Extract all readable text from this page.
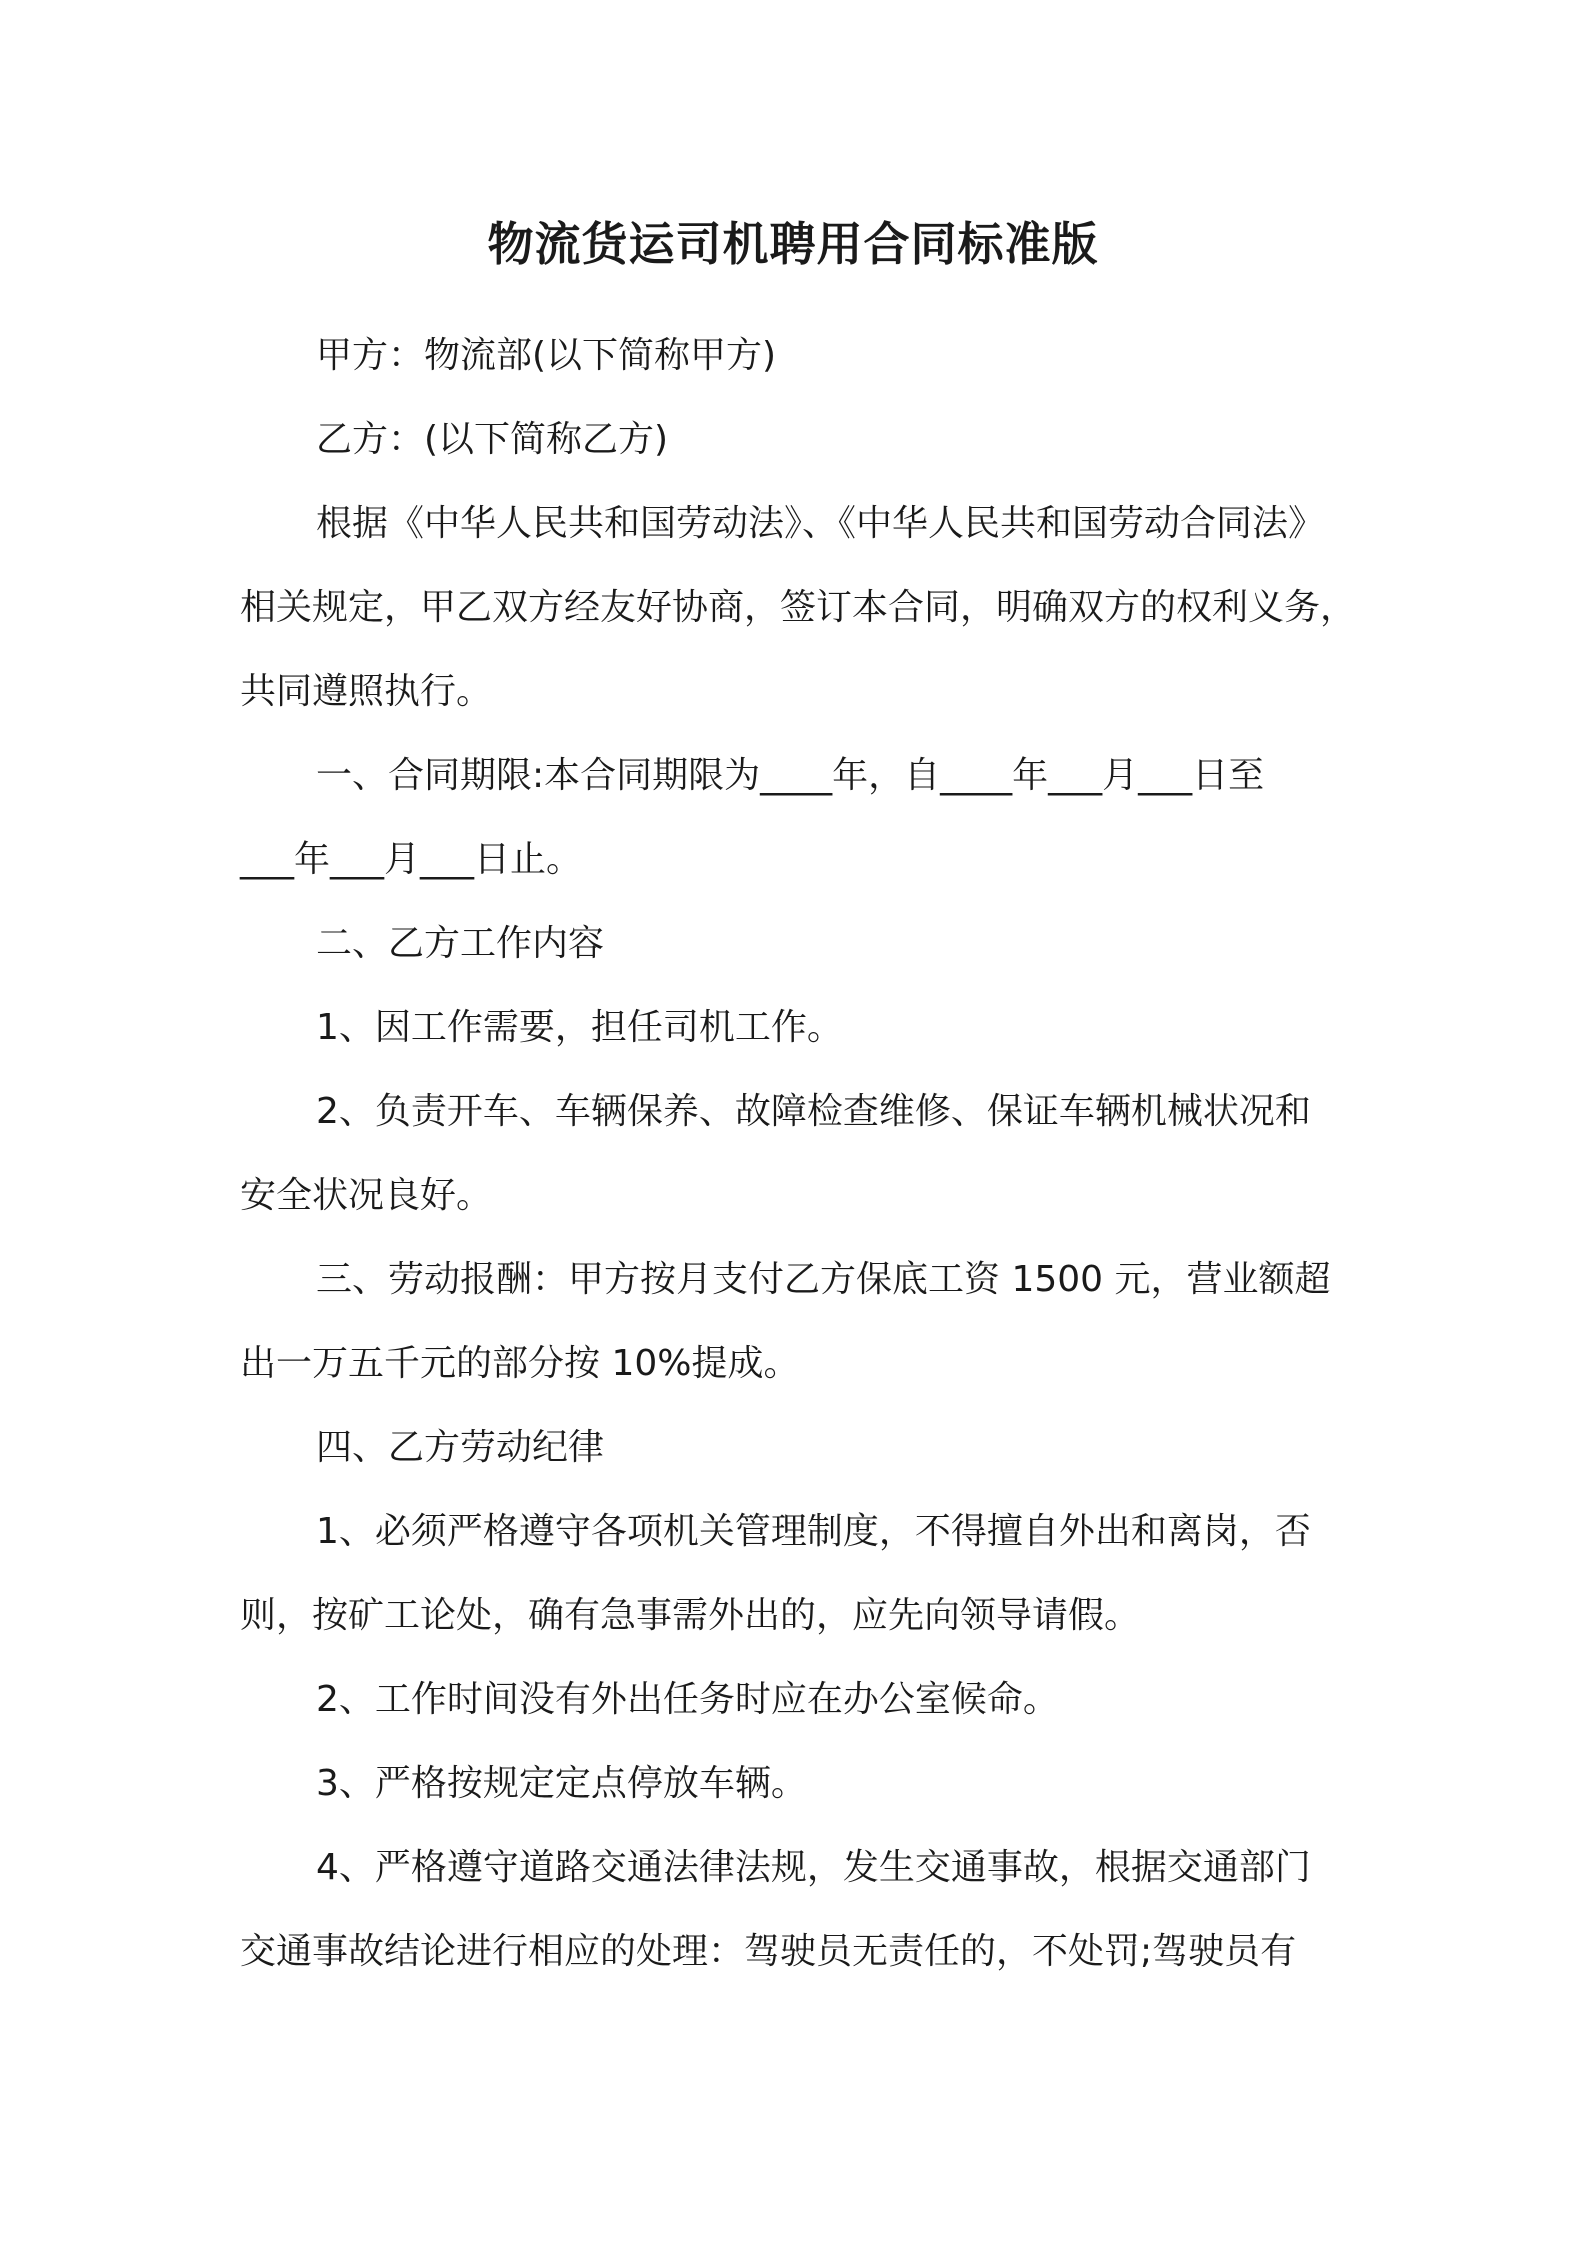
物流货运司机聘用合同标准版
甲方：物流部(以下简称甲方)
乙方：(以下简称乙方)
根据《中华人民共和国劳动法》、《中华人民共和国劳动合同法》
相关规定，甲乙双方经友好协商，签订本合同，明确双方的权利义务，
共同遵照执行。
一、合同期限:本合同期限为____年，自____年___月___日至
___年___月___日止。
二、乙方工作内容
1、因工作需要，担任司机工作。
2、负责开车、车辆保养、故障检查维修、保证车辆机械状况和
安全状况良好。
三、劳动报酬：甲方按月支付乙方保底工资 1500 元，营业额超
出一万五千元的部分按 10%提成。
四、乙方劳动纪律
1、必须严格遵守各项机关管理制度，不得擅自外出和离岗，否
则，按矿工论处，确有急事需外出的，应先向领导请假。
2、工作时间没有外出任务时应在办公室候命。
3、严格按规定定点停放车辆。
4、严格遵守道路交通法律法规，发生交通事故，根据交通部门
交通事故结论进行相应的处理：驾驶员无责任的，不处罚;驾驶员有
